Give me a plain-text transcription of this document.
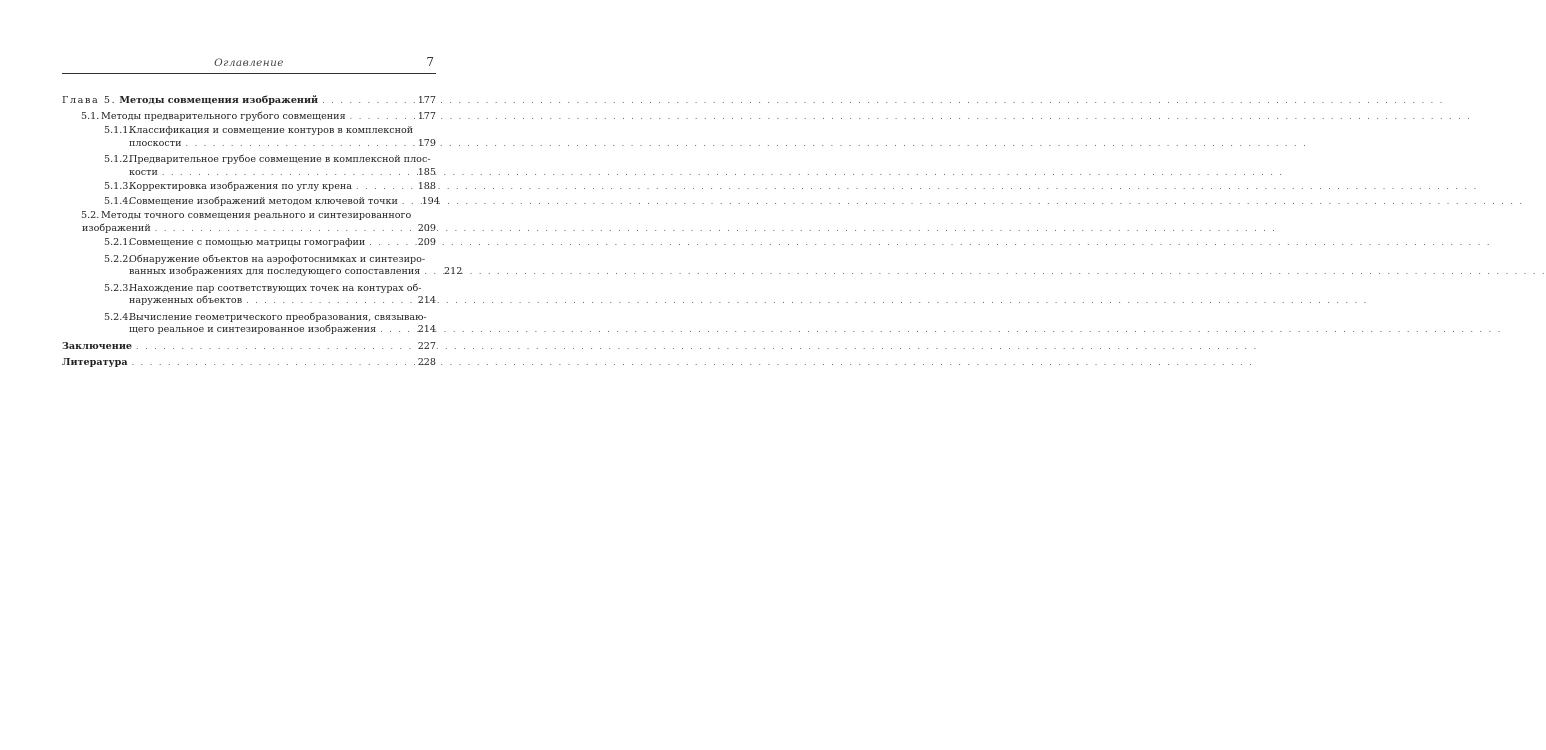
Оглавление	7
Глава 5. Методы совмещения изображений . . .	177
5.1. Методы предварительного грубого совмещения . . .	177
5.1.1.Классификация и совмещение контуров в комплексной
плоскости . . .	179
5.1.2.Предварительное грубое совмещение в комплексной плос-
кости . . .	185
5.1.3.Корректировка изображения по углу крена . . .	188
5.1.4.Совмещение изображений методом ключевой точки . . .	194
5.2. Методы точного совмещения реального и синтезированного
изображений . . .	209
5.2.1.Совмещение с помощью матрицы гомографии . . .	209
5.2.2.Обнаружение объектов на аэрофотоснимках и синтезиро-
ванных изображениях для последующего сопоставления . . .	212
5.2.3.Нахождение пар соответствующих точек на контурах об-
наруженных объектов . . .	214
5.2.4.Вычисление геометрического преобразования, связываю-
щего реальное и синтезированное изображения . . .	214
Заключение . . .	227
Литература . . .	228
